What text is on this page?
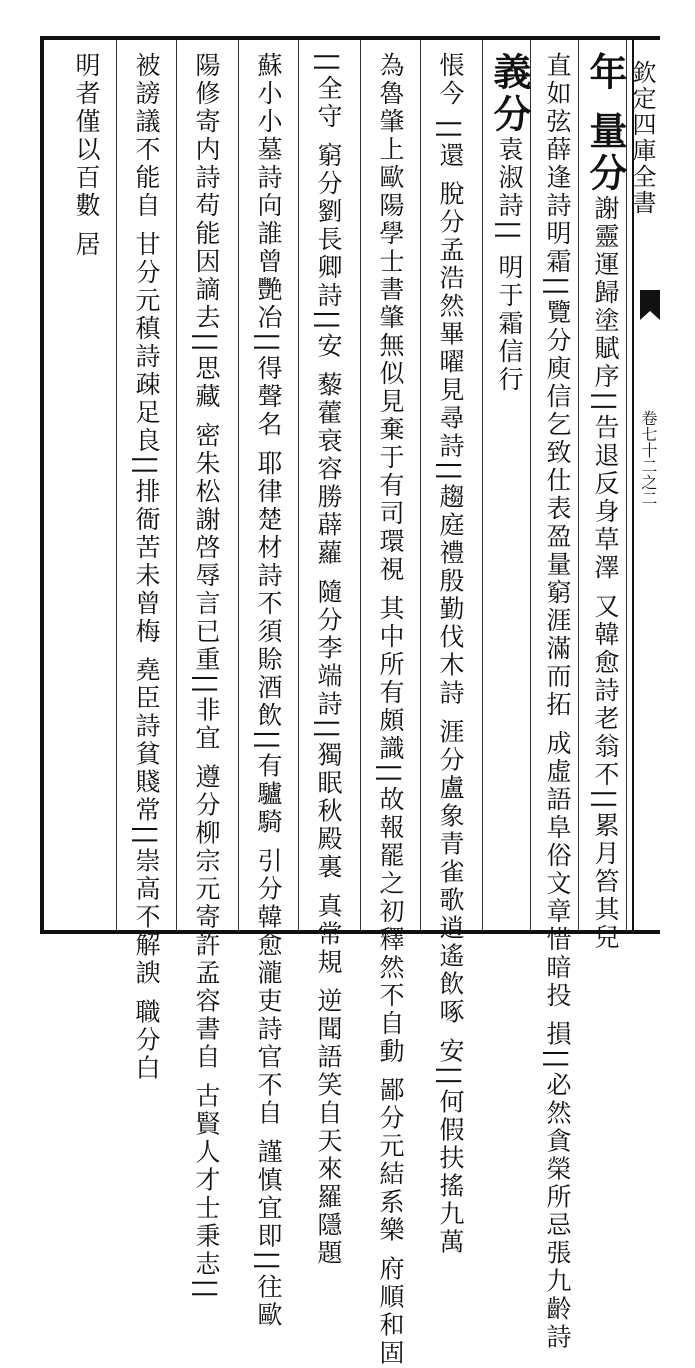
欽定四庫全書
卷七十二之二
年 量分謝靈運歸塗賦序||告退反身草澤 又韓愈詩老翁不||累月笞其兒
直如弦薛逢詩明霜||覽分庾信乞致仕表盈量窮涯滿而拓 成虛語阜俗文章惜暗投 損||必然貪榮所忌張九齡詩
義分袁淑詩|| 明于霜信行
悵今 ||還 脫分孟浩然畢曜見尋詩||趨庭禮殷勤伐木詩 涯分盧象青雀歌逍遙飲啄 安||何假扶搖九萬
為魯肇上歐陽學士書肇無似見棄于有司環視 其中所有頗識||故報罷之初釋然不自動 鄙分元結系樂 府順和固
||全守 窮分劉長卿詩||安 藜藿衰容勝薜蘿 隨分李端詩||獨眠秋殿裏 真常規 逆聞語笑自天來羅隱題
蘇小小墓詩向誰曾艷冶||得聲名 耶律楚材詩不須賒酒飲||有驢騎 引分韓愈瀧吏詩官不自 謹慎宜即||往歐
陽修寄内詩苟能因謫去||思藏 密朱松謝啓辱言已重||非宜 遵分柳宗元寄許孟容書自 古賢人才士秉志||
被謗議不能自 甘分元稹詩疎足良||排衙苦未曾梅 堯臣詩貧賤常||崇高不解諛 職分白
明者僅以百數 居
